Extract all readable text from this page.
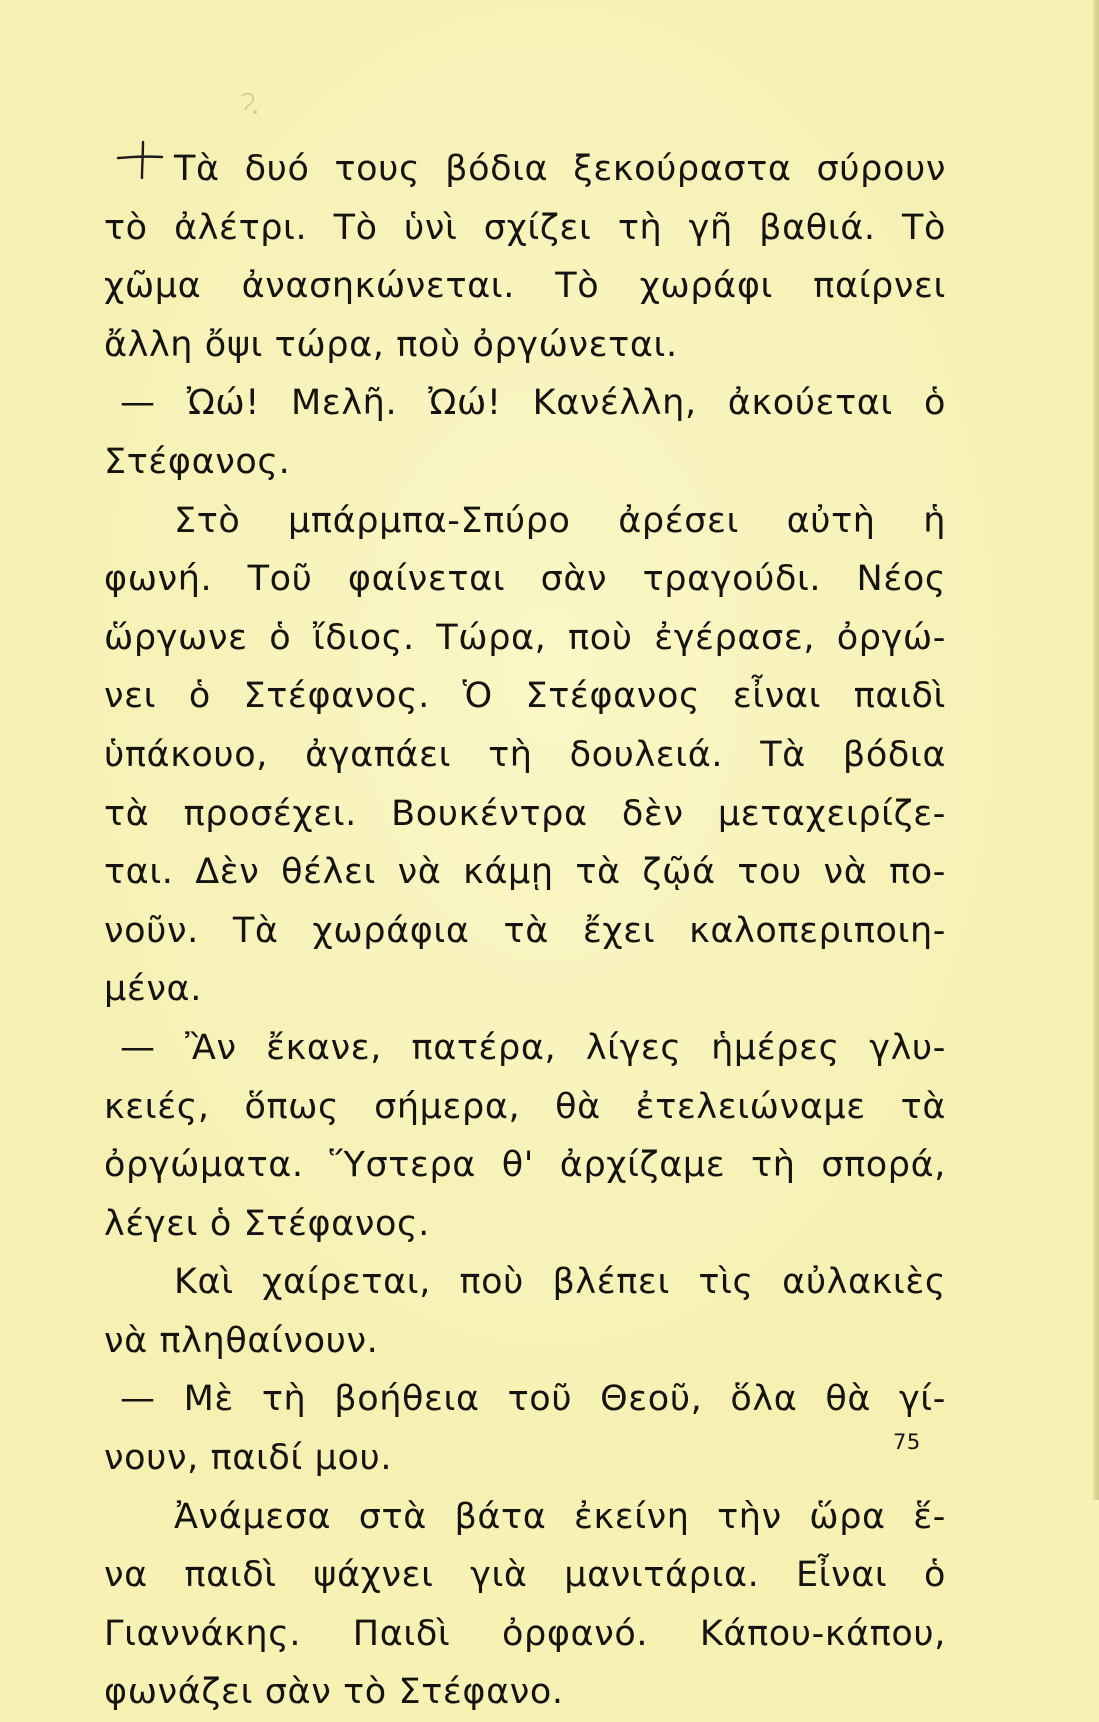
Τὰ δυό τους βόδια ξεκούραστα σύρουν
τὸ ἀλέτρι. Τὸ ὑνὶ σχίζει τὴ γῆ βαθιά. Τὸ
χῶμα ἀνασηκώνεται. Τὸ χωράφι παίρνει
ἄλλη ὄψι τώρα, ποὺ ὀργώνεται.
— Ὠώ! Μελῆ. Ὠώ! Κανέλλη, ἀκούεται ὁ
Στέφανος.
Στὸ μπάρμπα-Σπύρο ἀρέσει αὐτὴ ἡ
φωνή. Τοῦ φαίνεται σὰν τραγούδι. Νέος
ὥργωνε ὁ ἴδιος. Τώρα, ποὺ ἐγέρασε, ὀργώ-
νει ὁ Στέφανος. Ὁ Στέφανος εἶναι παιδὶ
ὑπάκουο, ἀγαπάει τὴ δουλειά. Τὰ βόδια
τὰ προσέχει. Βουκέντρα δὲν μεταχειρίζε-
ται. Δὲν θέλει νὰ κάμῃ τὰ ζῷά του νὰ πο-
νοῦν. Τὰ χωράφια τὰ ἔχει καλοπεριποιη-
μένα.
— Ἂν ἔκανε, πατέρα, λίγες ἡμέρες γλυ-
κειές, ὅπως σήμερα, θὰ ἐτελειώναμε τὰ
ὀργώματα. Ὕστερα θ' ἀρχίζαμε τὴ σπορά,
λέγει ὁ Στέφανος.
Καὶ χαίρεται, ποὺ βλέπει τὶς αὐλακιὲς
νὰ πληθαίνουν.
— Μὲ τὴ βοήθεια τοῦ Θεοῦ, ὅλα θὰ γί-
νουν, παιδί μου.
Ἀνάμεσα στὰ βάτα ἐκείνη τὴν ὥρα ἕ-
να παιδὶ ψάχνει γιὰ μανιτάρια. Εἶναι ὁ
Γιαννάκης. Παιδὶ ὀρφανό. Κάπου-κάπου,
φωνάζει σὰν τὸ Στέφανο.
75
